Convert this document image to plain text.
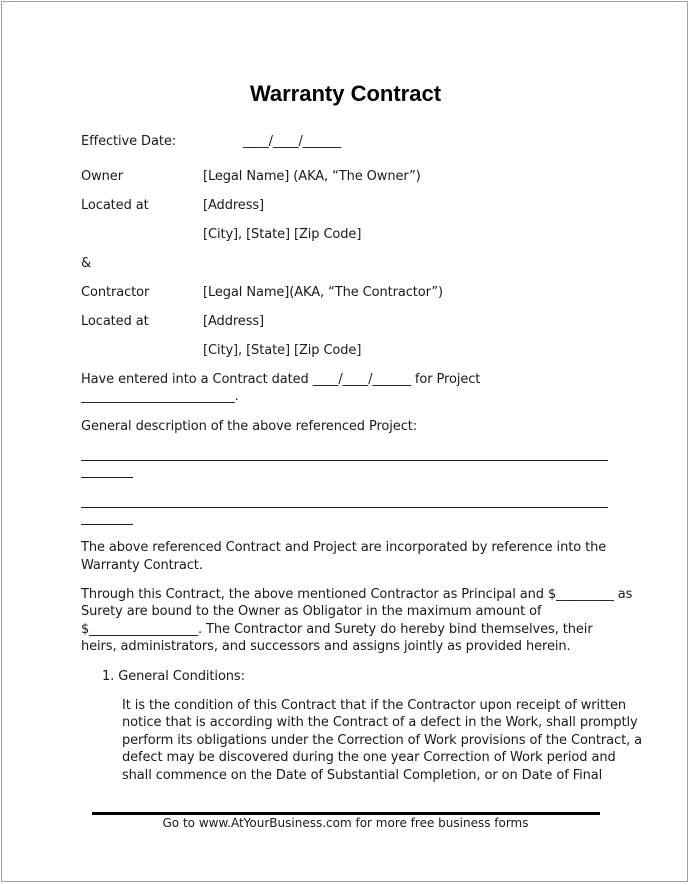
Warranty Contract
Effective Date:	____/____/______
Owner	[Legal Name] (AKA, “The Owner”)
Located at	[Address]
[City], [State] [Zip Code]
&
Contractor	[Legal Name](AKA, “The Contractor”)
Located at	[Address]
[City], [State] [Zip Code]
Have entered into a Contract dated ____/____/______ for Project
________________________.
General description of the above referenced Project:
The above referenced Contract and Project are incorporated by reference into the
Warranty Contract.
Through this Contract, the above mentioned Contractor as Principal and $_________ as
Surety are bound to the Owner as Obligator in the maximum amount of
$_________________. The Contractor and Surety do hereby bind themselves, their
heirs, administrators, and successors and assigns jointly as provided herein.
1. General Conditions:
It is the condition of this Contract that if the Contractor upon receipt of written
notice that is according with the Contract of a defect in the Work, shall promptly
perform its obligations under the Correction of Work provisions of the Contract, a
defect may be discovered during the one year Correction of Work period and
shall commence on the Date of Substantial Completion, or on Date of Final
Go to www.AtYourBusiness.com for more free business forms
